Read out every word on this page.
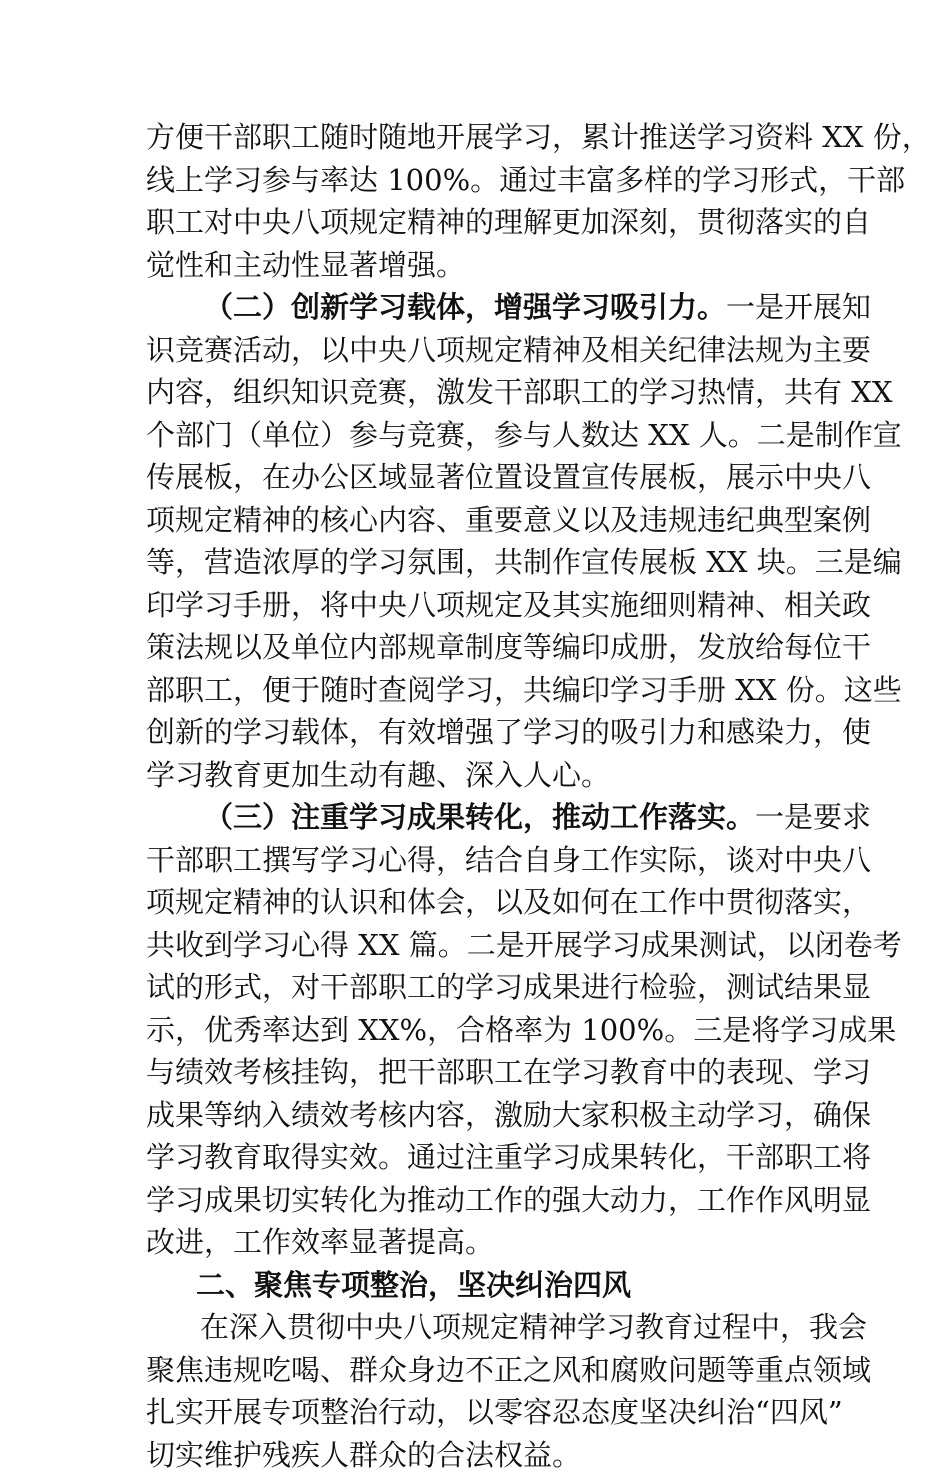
方便干部职工随时随地开展学习，累计推送学习资料 XX 份，
线上学习参与率达 100%。通过丰富多样的学习形式，干部
职工对中央八项规定精神的理解更加深刻，贯彻落实的自
觉性和主动性显著增强。
（二）创新学习载体，增强学习吸引力。一是开展知
识竞赛活动，以中央八项规定精神及相关纪律法规为主要
内容，组织知识竞赛，激发干部职工的学习热情，共有 XX
个部门（单位）参与竞赛，参与人数达 XX 人。二是制作宣
传展板，在办公区域显著位置设置宣传展板，展示中央八
项规定精神的核心内容、重要意义以及违规违纪典型案例
等，营造浓厚的学习氛围，共制作宣传展板 XX 块。三是编
印学习手册，将中央八项规定及其实施细则精神、相关政
策法规以及单位内部规章制度等编印成册，发放给每位干
部职工，便于随时查阅学习，共编印学习手册 XX 份。这些
创新的学习载体，有效增强了学习的吸引力和感染力，使
学习教育更加生动有趣、深入人心。
（三）注重学习成果转化，推动工作落实。一是要求
干部职工撰写学习心得，结合自身工作实际，谈对中央八
项规定精神的认识和体会，以及如何在工作中贯彻落实，
共收到学习心得 XX 篇。二是开展学习成果测试，以闭卷考
试的形式，对干部职工的学习成果进行检验，测试结果显
示，优秀率达到 XX%，合格率为 100%。三是将学习成果
与绩效考核挂钩，把干部职工在学习教育中的表现、学习
成果等纳入绩效考核内容，激励大家积极主动学习，确保
学习教育取得实效。通过注重学习成果转化，干部职工将
学习成果切实转化为推动工作的强大动力，工作作风明显
改进，工作效率显著提高。
二、聚焦专项整治，坚决纠治四风
在深入贯彻中央八项规定精神学习教育过程中，我会
聚焦违规吃喝、群众身边不正之风和腐败问题等重点领域
扎实开展专项整治行动，以零容忍态度坚决纠治“四风”
切实维护残疾人群众的合法权益。
